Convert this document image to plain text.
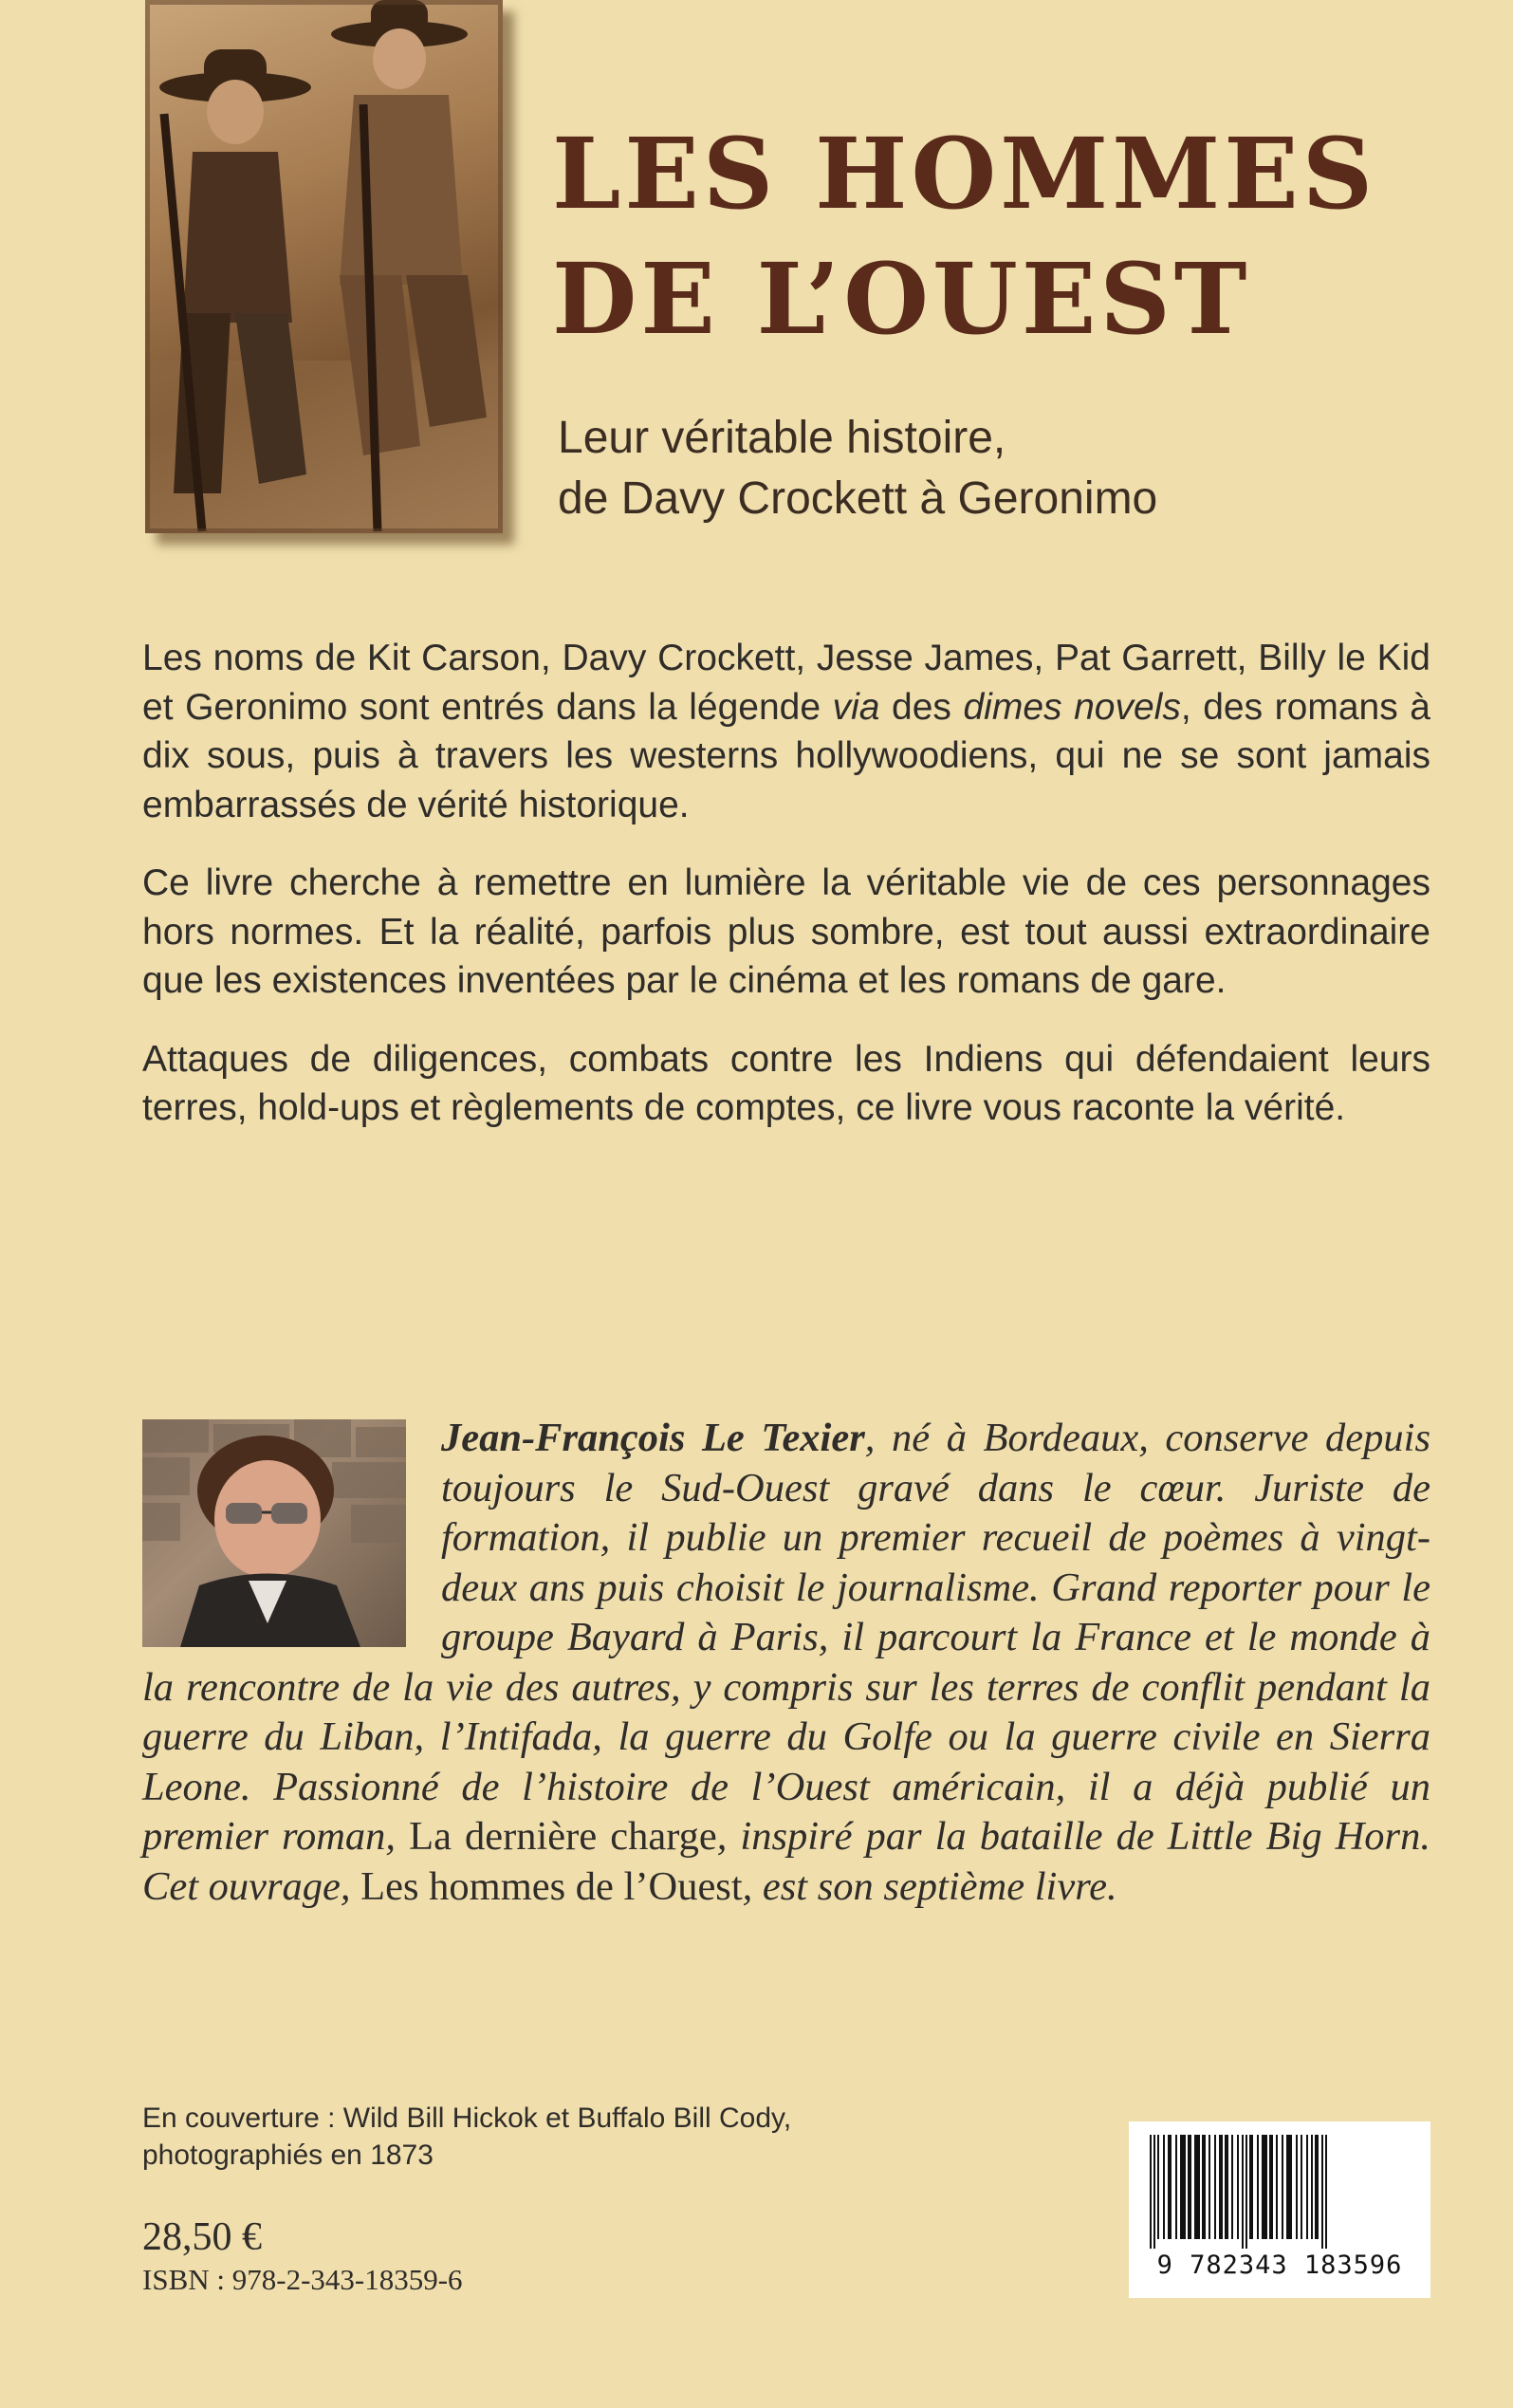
LES HOMMES
DE L’OUEST
Leur véritable histoire,
de Davy Crockett à Geronimo

Les noms de Kit Carson, Davy Crockett, Jesse James, Pat Garrett, Billy le Kid et Geronimo sont entrés dans la légende via des dimes novels, des romans à dix sous, puis à travers les westerns hollywoodiens, qui ne se sont jamais embarrassés de vérité historique.

Ce livre cherche à remettre en lumière la véritable vie de ces personnages hors normes. Et la réalité, parfois plus sombre, est tout aussi extraordinaire que les existences inventées par le cinéma et les romans de gare.

Attaques de diligences, combats contre les Indiens qui défendaient leurs terres, hold-ups et règlements de comptes, ce livre vous raconte la vérité.

Jean-François Le Texier, né à Bordeaux, conserve depuis toujours le Sud-Ouest gravé dans le cœur. Juriste de formation, il publie un premier recueil de poèmes à vingt-deux ans puis choisit le journalisme. Grand reporter pour le groupe Bayard à Paris, il parcourt la France et le monde à la rencontre de la vie des autres, y compris sur les terres de conflit pendant la guerre du Liban, l’Intifada, la guerre du Golfe ou la guerre civile en Sierra Leone. Passionné de l’histoire de l’Ouest américain, il a déjà publié un premier roman, La dernière charge, inspiré par la bataille de Little Big Horn. Cet ouvrage, Les hommes de l’Ouest, est son septième livre.
En couverture : Wild Bill Hickok et Buffalo Bill Cody,
photographiés en 1873
28,50 €
ISBN : 978-2-343-18359-6	9 782343 183596
